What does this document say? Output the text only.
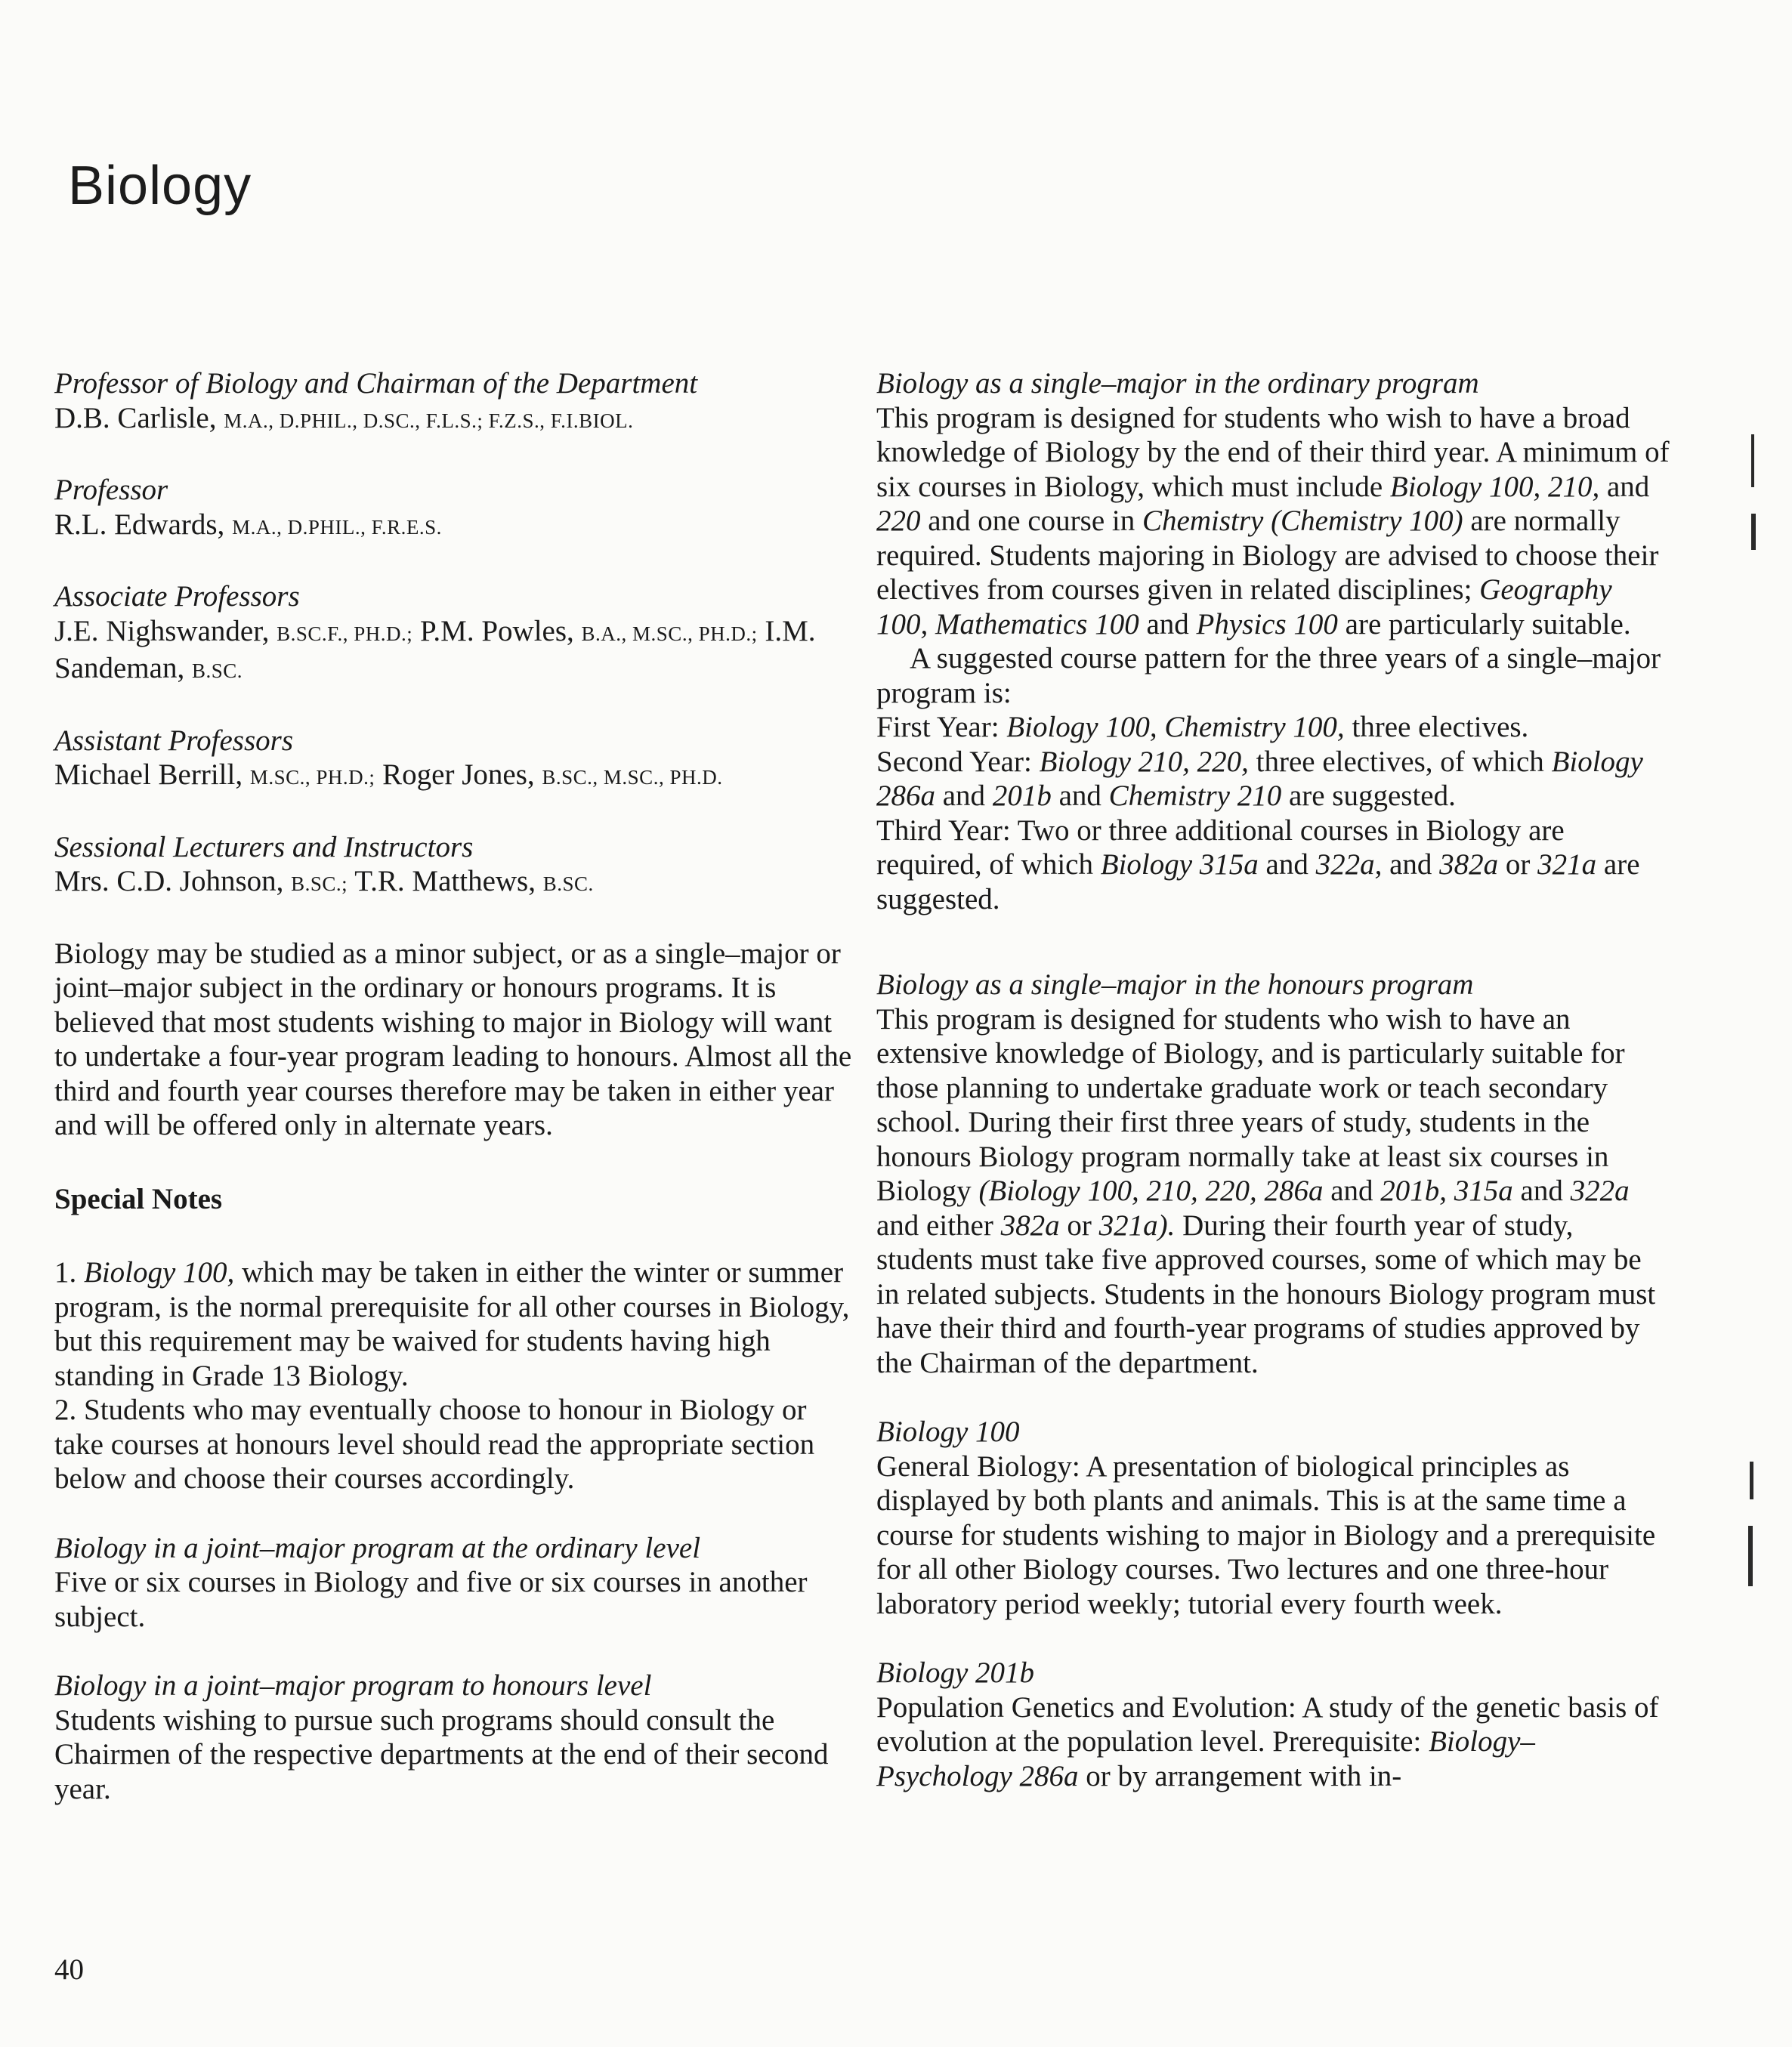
Biology
Professor of Biology and Chairman of the Department
D.B. Carlisle, M.A., D.PHIL., D.SC., F.L.S.; F.Z.S., F.I.BIOL.
Professor
R.L. Edwards, M.A., D.PHIL., F.R.E.S.
Associate Professors
J.E. Nighswander, B.SC.F., PH.D.; P.M. Powles, B.A., M.SC., PH.D.; I.M. Sandeman, B.SC.
Assistant Professors
Michael Berrill, M.SC., PH.D.; Roger Jones, B.SC., M.SC., PH.D.
Sessional Lecturers and Instructors
Mrs. C.D. Johnson, B.SC.; T.R. Matthews, B.SC.

Biology may be studied as a minor subject, or as a single–major or joint–major subject in the ordinary or honours programs. It is believed that most students wishing to major in Biology will want to undertake a four-year program leading to honours. Almost all the third and fourth year courses therefore may be taken in either year and will be offered only in alternate years.

Special Notes

1. Biology 100, which may be taken in either the winter or summer program, is the normal prerequisite for all other courses in Biology, but this requirement may be waived for students having high standing in Grade 13 Biology.

2. Students who may eventually choose to honour in Biology or take courses at honours level should read the appropriate section below and choose their courses accordingly.

Biology in a joint–major program at the ordinary level

Five or six courses in Biology and five or six courses in another subject.

Biology in a joint–major program to honours level

Students wishing to pursue such programs should consult the Chairmen of the respective departments at the end of their second year.

Biology as a single–major in the ordinary program

This program is designed for students who wish to have a broad knowledge of Biology by the end of their third year. A minimum of six courses in Biology, which must include Biology 100, 210, and 220 and one course in Chemistry (Chemistry 100) are normally required. Students majoring in Biology are advised to choose their electives from courses given in related disciplines; Geography 100, Mathematics 100 and Physics 100 are particularly suitable.

A suggested course pattern for the three years of a single–major program is:

First Year: Biology 100, Chemistry 100, three electives.

Second Year: Biology 210, 220, three electives, of which Biology 286a and 201b and Chemistry 210 are suggested.

Third Year: Two or three additional courses in Biology are required, of which Biology 315a and 322a, and 382a or 321a are suggested.

Biology as a single–major in the honours program

This program is designed for students who wish to have an extensive knowledge of Biology, and is particularly suitable for those planning to undertake graduate work or teach secondary school. During their first three years of study, students in the honours Biology program normally take at least six courses in Biology (Biology 100, 210, 220, 286a and 201b, 315a and 322a and either 382a or 321a). During their fourth year of study, students must take five approved courses, some of which may be in related subjects. Students in the honours Biology program must have their third and fourth-year programs of studies approved by the Chairman of the department.

Biology 100

General Biology: A presentation of biological principles as displayed by both plants and animals. This is at the same time a course for students wishing to major in Biology and a prerequisite for all other Biology courses. Two lectures and one three-hour laboratory period weekly; tutorial every fourth week.

Biology 201b

Population Genetics and Evolution: A study of the genetic basis of evolution at the population level. Prerequisite: Biology–Psychology 286a or by arrangement with in-

40
